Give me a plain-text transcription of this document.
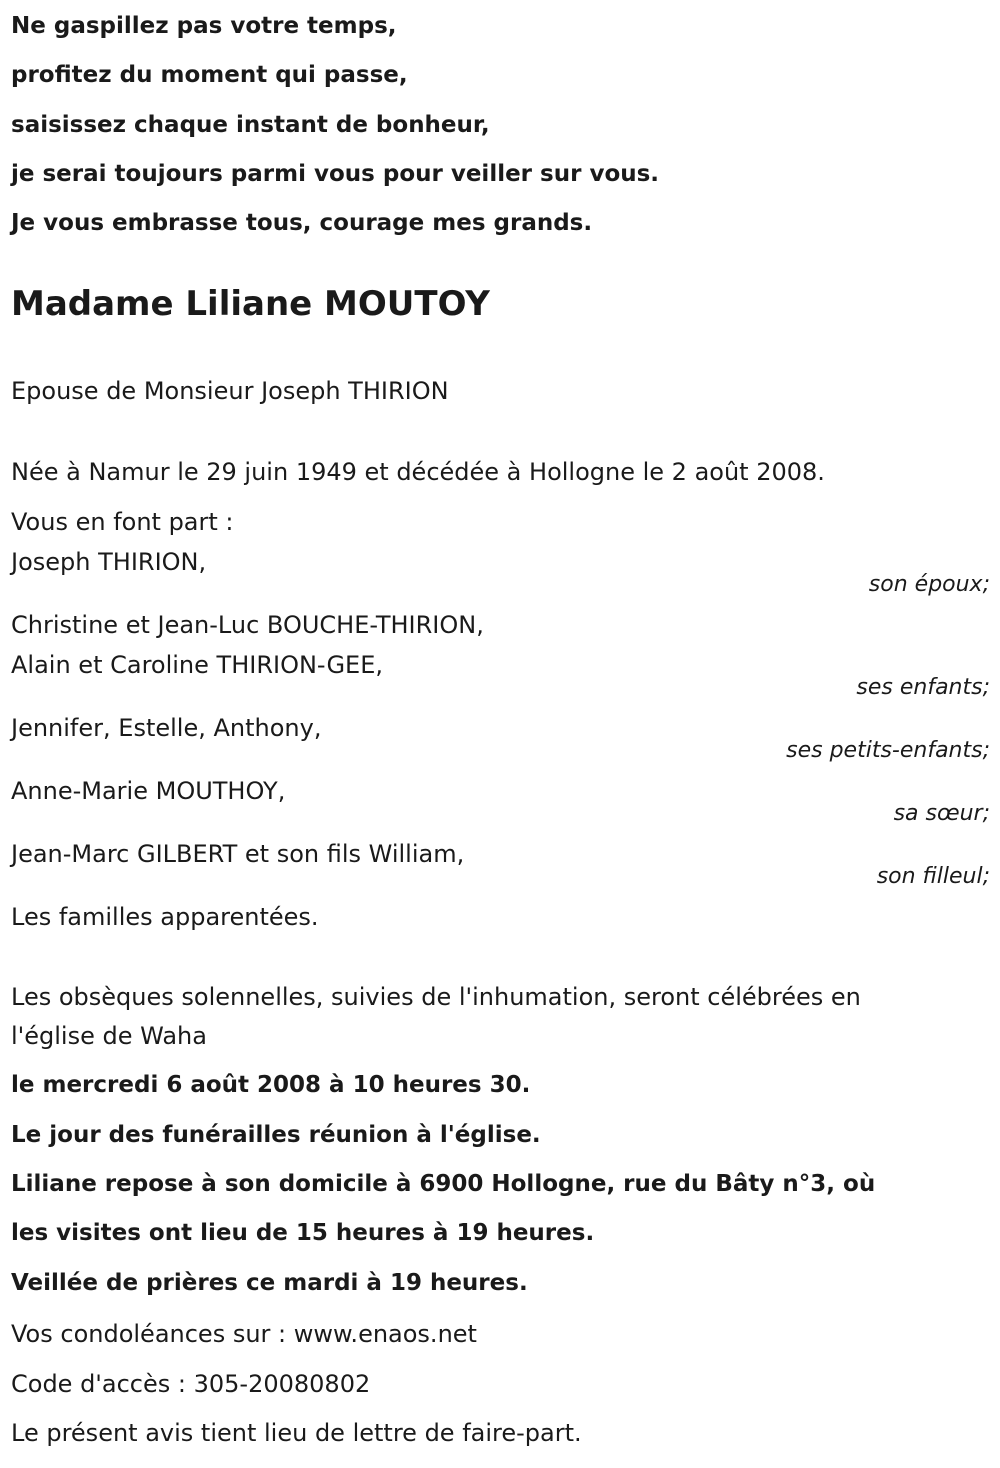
Ne gaspillez pas votre temps,
profitez du moment qui passe,
saisissez chaque instant de bonheur,
je serai toujours parmi vous pour veiller sur vous.
Je vous embrasse tous, courage mes grands.
Madame Liliane MOUTOY
Epouse de Monsieur Joseph THIRION
Née à Namur le 29 juin 1949 et décédée à Hollogne le 2 août 2008.
Vous en font part :
Joseph THIRION,
son époux;
Christine et Jean-Luc BOUCHE-THIRION,
Alain et Caroline THIRION-GEE,
ses enfants;
Jennifer, Estelle, Anthony,
ses petits-enfants;
Anne-Marie MOUTHOY,
sa sœur;
Jean-Marc GILBERT et son fils William,
son filleul;
Les familles apparentées.
Les obsèques solennelles, suivies de l'inhumation, seront célébrées en
l'église de Waha
le mercredi 6 août 2008 à 10 heures 30.
Le jour des funérailles réunion à l'église.
Liliane repose à son domicile à 6900 Hollogne, rue du Bâty n°3, où
les visites ont lieu de 15 heures à 19 heures.
Veillée de prières ce mardi à 19 heures.
Vos condoléances sur : www.enaos.net
Code d'accès : 305-20080802
Le présent avis tient lieu de lettre de faire-part.
